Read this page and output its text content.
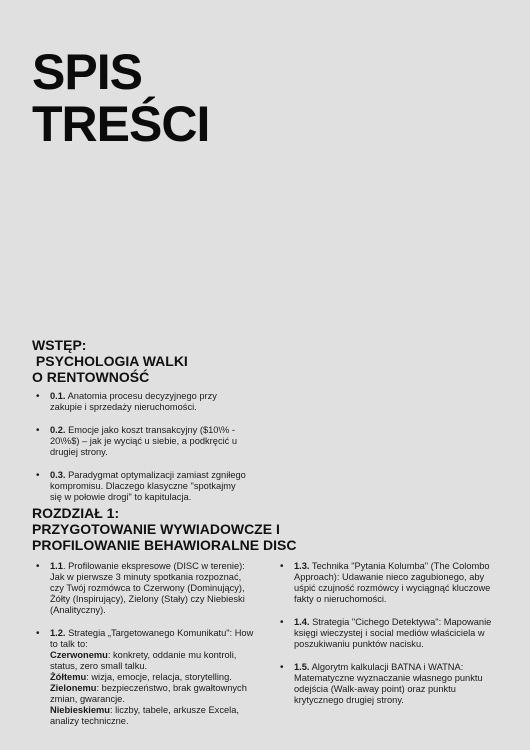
SPIS
TREŚCI
WSTĘP:
PSYCHOLOGIA WALKI
O RENTOWNOŚĆ
• 0.1. Anatomia procesu decyzyjnego przy zakupie i sprzedaży nieruchomości.
• 0.2. Emocje jako koszt transakcyjny ($10\% - 20\%$) – jak je wyciąć u siebie, a podkręcić u drugiej strony.
• 0.3. Paradygmat optymalizacji zamiast zgniłego kompromisu. Dlaczego klasyczne "spotkajmy się w połowie drogi" to kapitulacja.
ROZDZIAŁ 1:
PRZYGOTOWANIE WYWIADOWCZE I
PROFILOWANIE BEHAWIORALNE DISC
• 1.1. Profilowanie ekspresowe (DISC w terenie): Jak w pierwsze 3 minuty spotkania rozpoznać, czy Twój rozmówca to Czerwony (Dominujący), Żółty (Inspirujący), Zielony (Stały) czy Niebieski (Analityczny).
• 1.2. Strategia „Targetowanego Komunikatu": How to talk to:
Czerwonemu: konkrety, oddanie mu kontroli, status, zero small talku.
Żółtemu: wizja, emocje, relacja, storytelling.
Zielonemu: bezpieczeństwo, brak gwałtownych zmian, gwarancje.
Niebieskiemu: liczby, tabele, arkusze Excela, analizy techniczne.
• 1.3. Technika "Pytania Kolumba" (The Colombo Approach): Udawanie nieco zagubionego, aby uśpić czujność rozmówcy i wyciągnąć kluczowe fakty o nieruchomości.
• 1.4. Strategia "Cichego Detektywa": Mapowanie księgi wieczystej i social mediów właściciela w poszukiwaniu punktów nacisku.
• 1.5. Algorytm kalkulacji BATNA i WATNA: Matematyczne wyznaczanie własnego punktu odejścia (Walk-away point) oraz punktu krytycznego drugiej strony.
